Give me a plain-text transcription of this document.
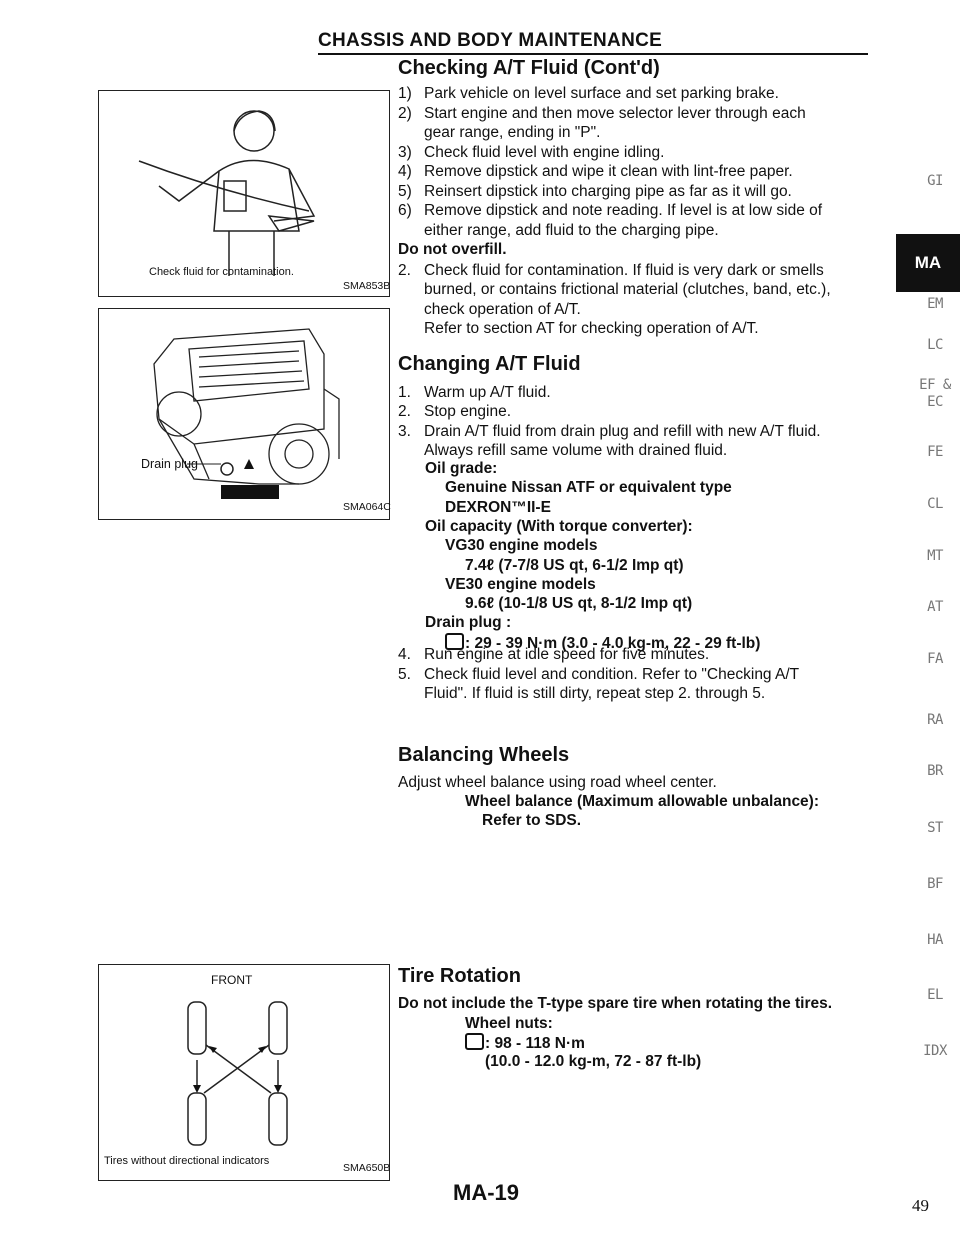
CHASSIS AND BODY MAINTENANCE
Checking A/T Fluid (Cont'd)
1) Park vehicle on level surface and set parking brake.
2) Start engine and then move selector lever through each
gear range, ending in "P".
3) Check fluid level with engine idling.
4) Remove dipstick and wipe it clean with lint-free paper.
5) Reinsert dipstick into charging pipe as far as it will go.
6) Remove dipstick and note reading. If level is at low side of
either range, add fluid to the charging pipe.
Do not overfill.
2. Check fluid for contamination. If fluid is very dark or smells
burned, or contains frictional material (clutches, band, etc.),
check operation of A/T.
Refer to section AT for checking operation of A/T.
Changing A/T Fluid
1. Warm up A/T fluid.
2. Stop engine.
3. Drain A/T fluid from drain plug and refill with new A/T fluid.
Always refill same volume with drained fluid.
Oil grade:
Genuine Nissan ATF or equivalent type
DEXRON™II-E
Oil capacity (With torque converter):
VG30 engine models
7.4ℓ (7-7/8 US qt, 6-1/2 Imp qt)
VE30 engine models
9.6ℓ (10-1/8 US qt, 8-1/2 Imp qt)
Drain plug :
: 29 - 39 N·m (3.0 - 4.0 kg-m, 22 - 29 ft-lb)
4. Run engine at idle speed for five minutes.
5. Check fluid level and condition. Refer to "Checking A/T
Fluid". If fluid is still dirty, repeat step 2. through 5.
Balancing Wheels
Adjust wheel balance using road wheel center.
Wheel balance (Maximum allowable unbalance):
Refer to SDS.
Tire Rotation
Do not include the T-type spare tire when rotating the tires.
Wheel nuts:
: 98 - 118 N·m
(10.0 - 12.0 kg-m, 72 - 87 ft-lb)
Check fluid for contamination.
SMA853B
Drain plug
SMA064C
FRONT
Tires without directional indicators
SMA650B
GI
MA
EM
LC
EF &
EC
FE
CL
MT
AT
FA
RA
BR
ST
BF
HA
EL
IDX
MA-19
49
